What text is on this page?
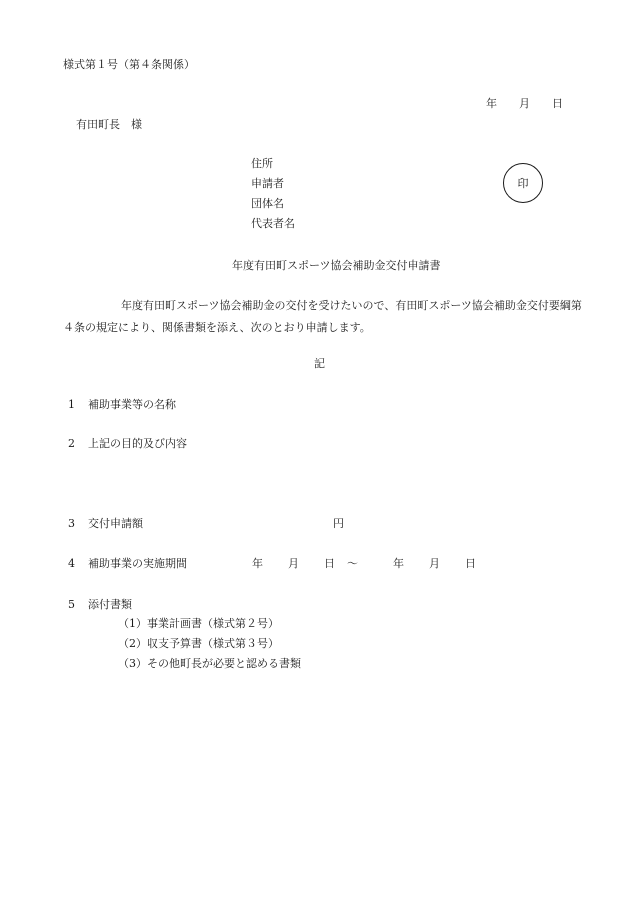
様式第１号（第４条関係）
年 月 日
有田町長　様
住所
申請者
団体名
代表者名
印
年度有田町スポーツ協会補助金交付申請書
年度有田町スポーツ協会補助金の交付を受けたいので、有田町スポーツ協会補助金交付要綱第４条の規定により、関係書類を添え、次のとおり申請します。
記
1 補助事業等の名称
2 上記の目的及び内容
3 交付申請額	円
4 補助事業の実施期間	年 月 日 ～	年 月 日
5 添付書類
（1）事業計画書（様式第２号）
（2）収支予算書（様式第３号）
（3）その他町長が必要と認める書類
